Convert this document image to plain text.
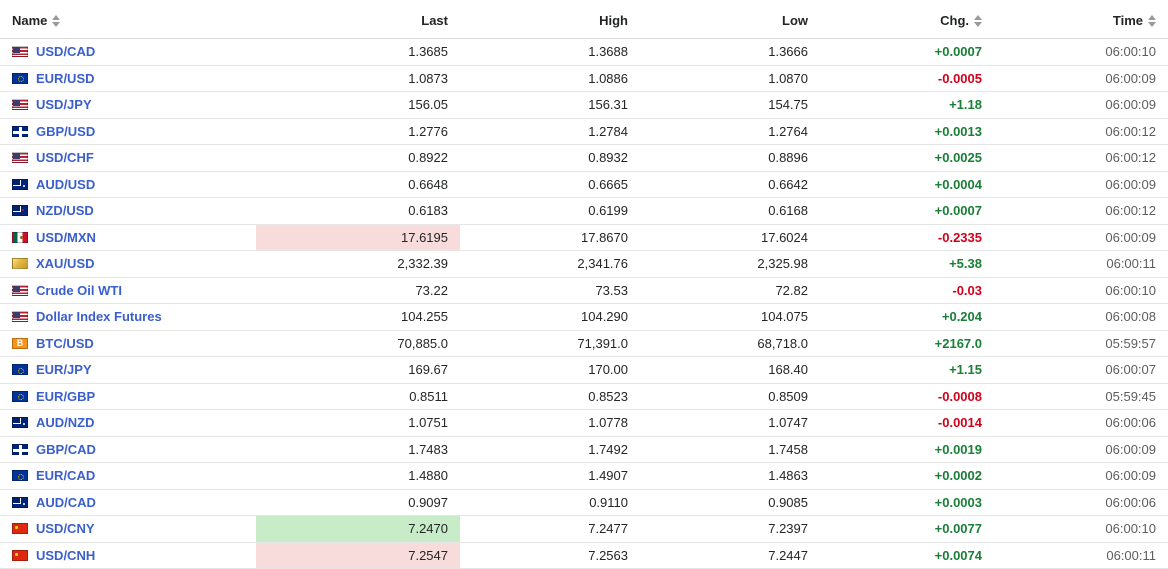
Name	Last	High	Low	Chg.	Time

USD/CAD	1.3685	1.3688	1.3666	+0.0007	06:00:10
EUR/USD	1.0873	1.0886	1.0870	-0.0005	06:00:09
USD/JPY	156.05	156.31	154.75	+1.18	06:00:09
GBP/USD	1.2776	1.2784	1.2764	+0.0013	06:00:12
USD/CHF	0.8922	0.8932	0.8896	+0.0025	06:00:12
AUD/USD	0.6648	0.6665	0.6642	+0.0004	06:00:09
NZD/USD	0.6183	0.6199	0.6168	+0.0007	06:00:12
USD/MXN	17.6195	17.8670	17.6024	-0.2335	06:00:09
XAU/USD	2,332.39	2,341.76	2,325.98	+5.38	06:00:11
Crude Oil WTI	73.22	73.53	72.82	-0.03	06:00:10
Dollar Index Futures	104.255	104.290	104.075	+0.204	06:00:08
BBTC/USD	70,885.0	71,391.0	68,718.0	+2167.0	05:59:57
EUR/JPY	169.67	170.00	168.40	+1.15	06:00:07
EUR/GBP	0.8511	0.8523	0.8509	-0.0008	05:59:45
AUD/NZD	1.0751	1.0778	1.0747	-0.0014	06:00:06
GBP/CAD	1.7483	1.7492	1.7458	+0.0019	06:00:09
EUR/CAD	1.4880	1.4907	1.4863	+0.0002	06:00:09
AUD/CAD	0.9097	0.9110	0.9085	+0.0003	06:00:06
USD/CNY	7.2470	7.2477	7.2397	+0.0077	06:00:10
USD/CNH	7.2547	7.2563	7.2447	+0.0074	06:00:11
